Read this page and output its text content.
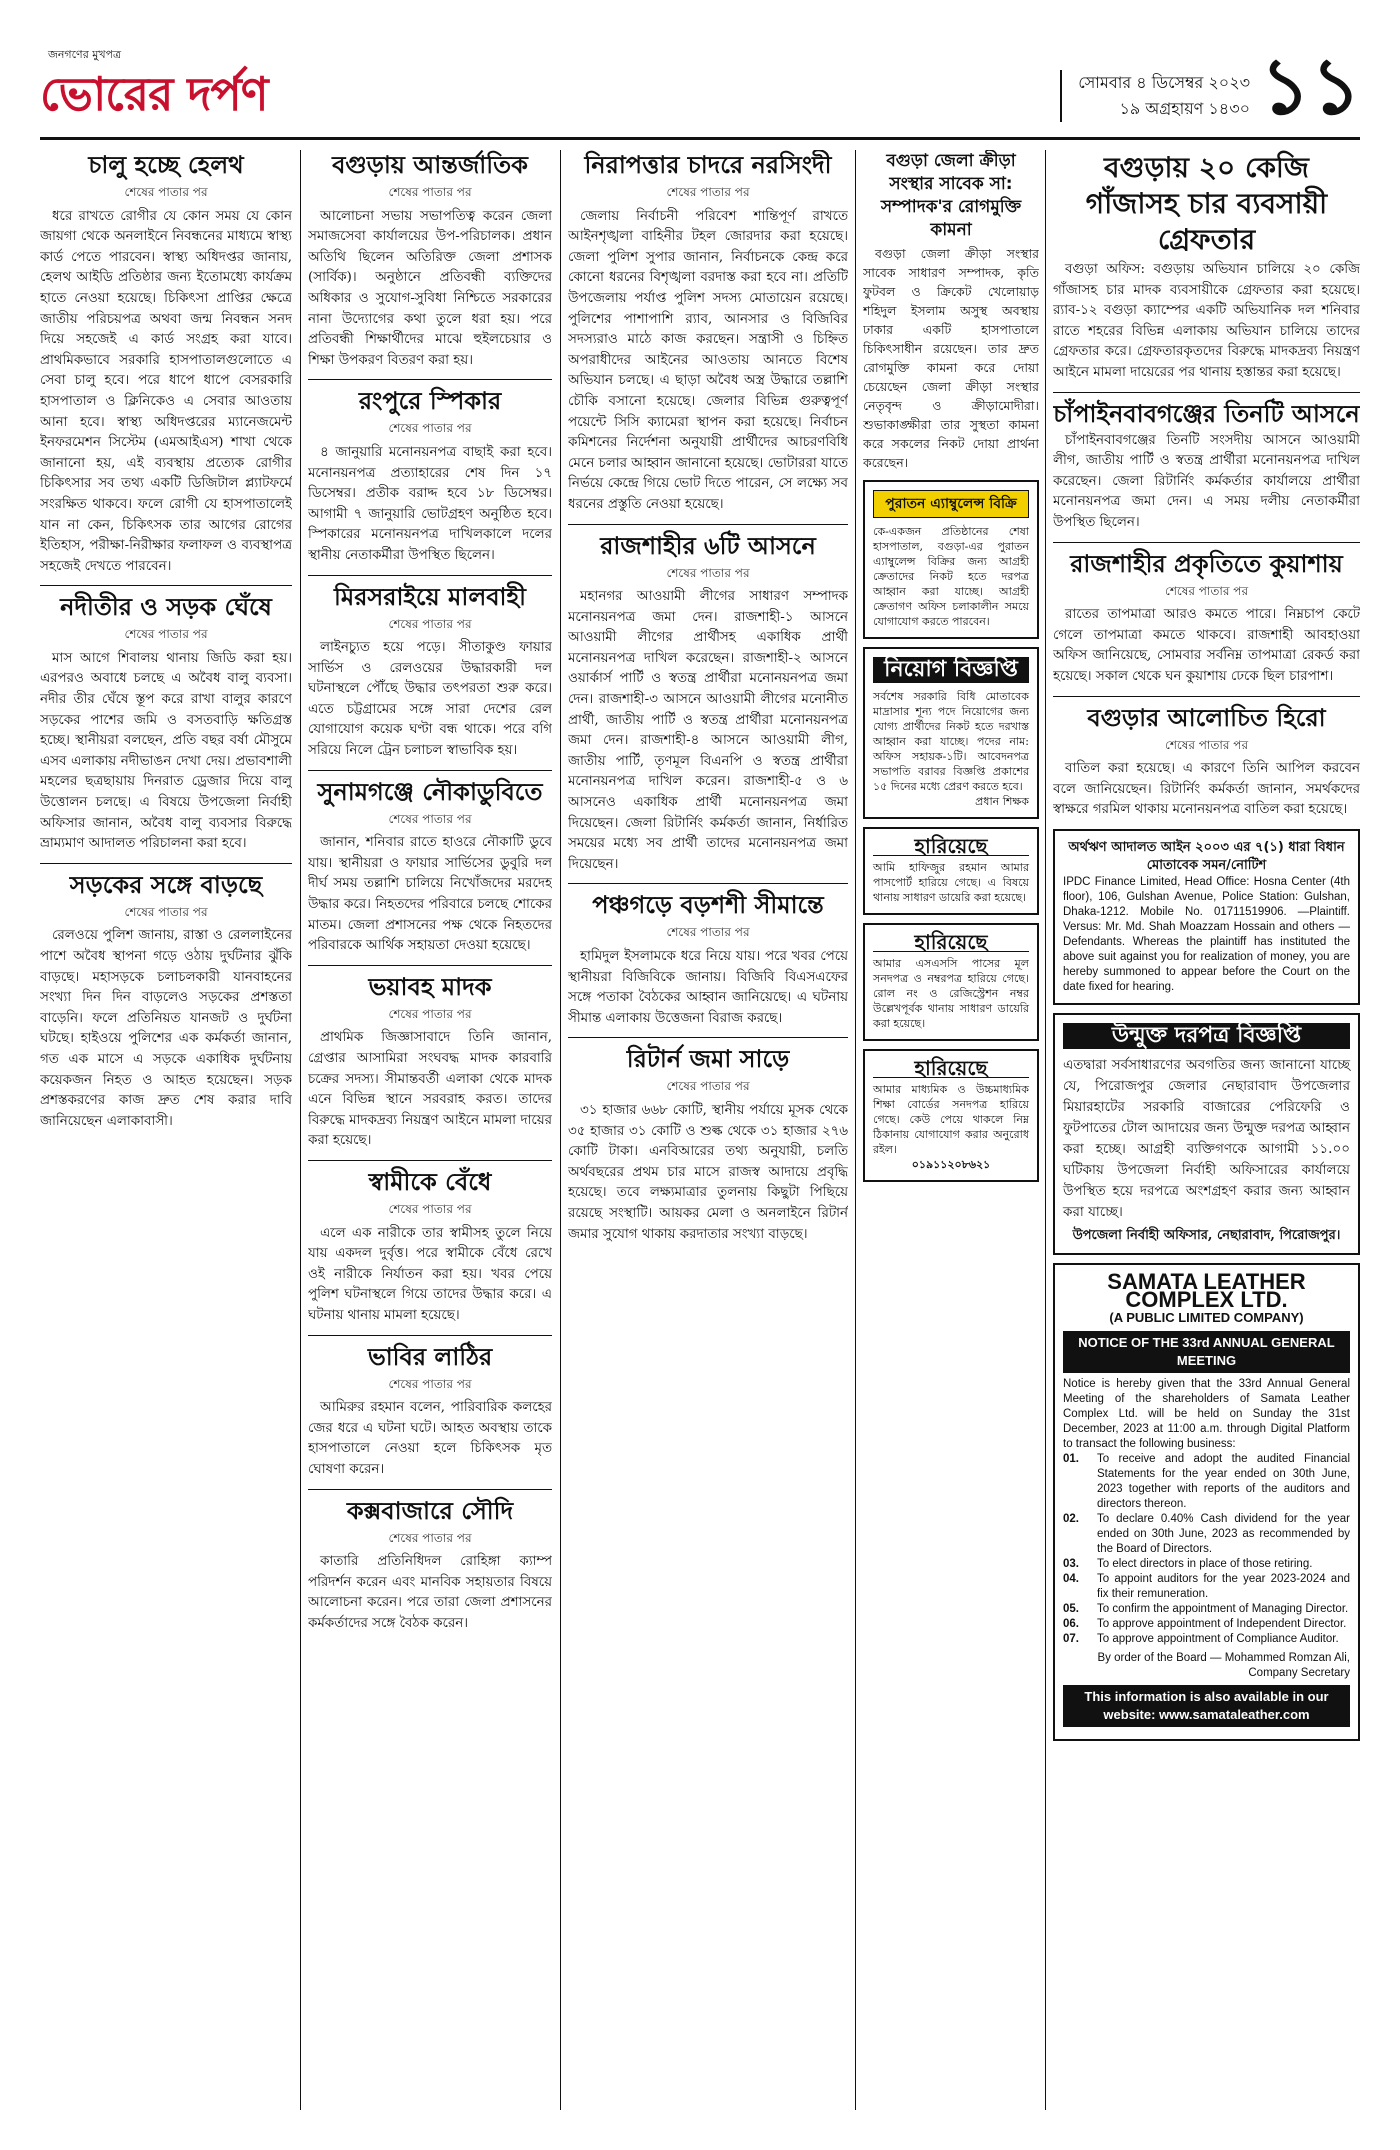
জনগণের মুখপত্র
ভোরের দর্পণ	সোমবার ৪ ডিসেম্বর ২০২৩
১৯ অগ্রহায়ণ ১৪৩০ ১১
চালু হচ্ছে হেলথ
শেষের পাতার পর

ধরে রাখতে রোগীর যে কোন সময় যে কোন জায়গা থেকে অনলাইনে নিবন্ধনের মাধ্যমে স্বাস্থ্য কার্ড পেতে পারবেন। স্বাস্থ্য অধিদপ্তর জানায়, হেলথ আইডি প্রতিষ্ঠার জন্য ইতোমধ্যে কার্যক্রম হাতে নেওয়া হয়েছে। চিকিৎসা প্রাপ্তির ক্ষেত্রে জাতীয় পরিচয়পত্র অথবা জন্ম নিবন্ধন সনদ দিয়ে সহজেই এ কার্ড সংগ্রহ করা যাবে। প্রাথমিকভাবে সরকারি হাসপাতালগুলোতে এ সেবা চালু হবে। পরে ধাপে ধাপে বেসরকারি হাসপাতাল ও ক্লিনিকেও এ সেবার আওতায় আনা হবে। স্বাস্থ্য অধিদপ্তরের ম্যানেজমেন্ট ইনফরমেশন সিস্টেম (এমআইএস) শাখা থেকে জানানো হয়, এই ব্যবস্থায় প্রত্যেক রোগীর চিকিৎসার সব তথ্য একটি ডিজিটাল প্ল্যাটফর্মে সংরক্ষিত থাকবে। ফলে রোগী যে হাসপাতালেই যান না কেন, চিকিৎসক তার আগের রোগের ইতিহাস, পরীক্ষা-নিরীক্ষার ফলাফল ও ব্যবস্থাপত্র সহজেই দেখতে পারবেন।

নদীতীর ও সড়ক ঘেঁষে
শেষের পাতার পর

মাস আগে শিবালয় থানায় জিডি করা হয়। এরপরও অবাধে চলছে এ অবৈধ বালু ব্যবসা। নদীর তীর ঘেঁষে স্তূপ করে রাখা বালুর কারণে সড়কের পাশের জমি ও বসতবাড়ি ক্ষতিগ্রস্ত হচ্ছে। স্থানীয়রা বলছেন, প্রতি বছর বর্ষা মৌসুমে এসব এলাকায় নদীভাঙন দেখা দেয়। প্রভাবশালী মহলের ছত্রছায়ায় দিনরাত ড্রেজার দিয়ে বালু উত্তোলন চলছে। এ বিষয়ে উপজেলা নির্বাহী অফিসার জানান, অবৈধ বালু ব্যবসার বিরুদ্ধে ভ্রাম্যমাণ আদালত পরিচালনা করা হবে।

সড়কের সঙ্গে বাড়ছে
শেষের পাতার পর

রেলওয়ে পুলিশ জানায়, রাস্তা ও রেললাইনের পাশে অবৈধ স্থাপনা গড়ে ওঠায় দুর্ঘটনার ঝুঁকি বাড়ছে। মহাসড়কে চলাচলকারী যানবাহনের সংখ্যা দিন দিন বাড়লেও সড়কের প্রশস্ততা বাড়েনি। ফলে প্রতিনিয়ত যানজট ও দুর্ঘটনা ঘটছে। হাইওয়ে পুলিশের এক কর্মকর্তা জানান, গত এক মাসে এ সড়কে একাধিক দুর্ঘটনায় কয়েকজন নিহত ও আহত হয়েছেন। সড়ক প্রশস্তকরণের কাজ দ্রুত শেষ করার দাবি জানিয়েছেন এলাকাবাসী।

বগুড়ায় আন্তর্জাতিক
শেষের পাতার পর

আলোচনা সভায় সভাপতিত্ব করেন জেলা সমাজসেবা কার্যালয়ের উপ-পরিচালক। প্রধান অতিথি ছিলেন অতিরিক্ত জেলা প্রশাসক (সার্বিক)। অনুষ্ঠানে প্রতিবন্ধী ব্যক্তিদের অধিকার ও সুযোগ-সুবিধা নিশ্চিতে সরকারের নানা উদ্যোগের কথা তুলে ধরা হয়। পরে প্রতিবন্ধী শিক্ষার্থীদের মাঝে হুইলচেয়ার ও শিক্ষা উপকরণ বিতরণ করা হয়।

রংপুরে স্পিকার
শেষের পাতার পর

৪ জানুয়ারি মনোনয়নপত্র বাছাই করা হবে। মনোনয়নপত্র প্রত্যাহারের শেষ দিন ১৭ ডিসেম্বর। প্রতীক বরাদ্দ হবে ১৮ ডিসেম্বর। আগামী ৭ জানুয়ারি ভোটগ্রহণ অনুষ্ঠিত হবে। স্পিকারের মনোনয়নপত্র দাখিলকালে দলের স্থানীয় নেতাকর্মীরা উপস্থিত ছিলেন।

মিরসরাইয়ে মালবাহী
শেষের পাতার পর

লাইনচ্যুত হয়ে পড়ে। সীতাকুণ্ড ফায়ার সার্ভিস ও রেলওয়ের উদ্ধারকারী দল ঘটনাস্থলে পৌঁছে উদ্ধার তৎপরতা শুরু করে। এতে চট্টগ্রামের সঙ্গে সারা দেশের রেল যোগাযোগ কয়েক ঘণ্টা বন্ধ থাকে। পরে বগি সরিয়ে নিলে ট্রেন চলাচল স্বাভাবিক হয়।

সুনামগঞ্জে নৌকাডুবিতে
শেষের পাতার পর

জানান, শনিবার রাতে হাওরে নৌকাটি ডুবে যায়। স্থানীয়রা ও ফায়ার সার্ভিসের ডুবুরি দল দীর্ঘ সময় তল্লাশি চালিয়ে নিখোঁজদের মরদেহ উদ্ধার করে। নিহতদের পরিবারে চলছে শোকের মাতম। জেলা প্রশাসনের পক্ষ থেকে নিহতদের পরিবারকে আর্থিক সহায়তা দেওয়া হয়েছে।

ভয়াবহ মাদক
শেষের পাতার পর

প্রাথমিক জিজ্ঞাসাবাদে তিনি জানান, গ্রেপ্তার আসামিরা সংঘবদ্ধ মাদক কারবারি চক্রের সদস্য। সীমান্তবর্তী এলাকা থেকে মাদক এনে বিভিন্ন স্থানে সরবরাহ করত। তাদের বিরুদ্ধে মাদকদ্রব্য নিয়ন্ত্রণ আইনে মামলা দায়ের করা হয়েছে।

স্বামীকে বেঁধে
শেষের পাতার পর

এলে এক নারীকে তার স্বামীসহ তুলে নিয়ে যায় একদল দুর্বৃত্ত। পরে স্বামীকে বেঁধে রেখে ওই নারীকে নির্যাতন করা হয়। খবর পেয়ে পুলিশ ঘটনাস্থলে গিয়ে তাদের উদ্ধার করে। এ ঘটনায় থানায় মামলা হয়েছে।

ভাবির লাঠির
শেষের পাতার পর

আমিরুর রহমান বলেন, পারিবারিক কলহের জের ধরে এ ঘটনা ঘটে। আহত অবস্থায় তাকে হাসপাতালে নেওয়া হলে চিকিৎসক মৃত ঘোষণা করেন।

কক্সবাজারে সৌদি
শেষের পাতার পর

কাতারি প্রতিনিধিদল রোহিঙ্গা ক্যাম্প পরিদর্শন করেন এবং মানবিক সহায়তার বিষয়ে আলোচনা করেন। পরে তারা জেলা প্রশাসনের কর্মকর্তাদের সঙ্গে বৈঠক করেন।

নিরাপত্তার চাদরে নরসিংদী
শেষের পাতার পর

জেলায় নির্বাচনী পরিবেশ শান্তিপূর্ণ রাখতে আইনশৃঙ্খলা বাহিনীর টহল জোরদার করা হয়েছে। জেলা পুলিশ সুপার জানান, নির্বাচনকে কেন্দ্র করে কোনো ধরনের বিশৃঙ্খলা বরদাস্ত করা হবে না। প্রতিটি উপজেলায় পর্যাপ্ত পুলিশ সদস্য মোতায়েন রয়েছে। পুলিশের পাশাপাশি র‍্যাব, আনসার ও বিজিবির সদস্যরাও মাঠে কাজ করছেন। সন্ত্রাসী ও চিহ্নিত অপরাধীদের আইনের আওতায় আনতে বিশেষ অভিযান চলছে। এ ছাড়া অবৈধ অস্ত্র উদ্ধারে তল্লাশি চৌকি বসানো হয়েছে। জেলার বিভিন্ন গুরুত্বপূর্ণ পয়েন্টে সিসি ক্যামেরা স্থাপন করা হয়েছে। নির্বাচন কমিশনের নির্দেশনা অনুযায়ী প্রার্থীদের আচরণবিধি মেনে চলার আহ্বান জানানো হয়েছে। ভোটাররা যাতে নির্ভয়ে কেন্দ্রে গিয়ে ভোট দিতে পারেন, সে লক্ষ্যে সব ধরনের প্রস্তুতি নেওয়া হয়েছে।

রাজশাহীর ৬টি আসনে
শেষের পাতার পর

মহানগর আওয়ামী লীগের সাধারণ সম্পাদক মনোনয়নপত্র জমা দেন। রাজশাহী-১ আসনে আওয়ামী লীগের প্রার্থীসহ একাধিক প্রার্থী মনোনয়নপত্র দাখিল করেছেন। রাজশাহী-২ আসনে ওয়ার্কার্স পার্টি ও স্বতন্ত্র প্রার্থীরা মনোনয়নপত্র জমা দেন। রাজশাহী-৩ আসনে আওয়ামী লীগের মনোনীত প্রার্থী, জাতীয় পার্টি ও স্বতন্ত্র প্রার্থীরা মনোনয়নপত্র জমা দেন। রাজশাহী-৪ আসনে আওয়ামী লীগ, জাতীয় পার্টি, তৃণমূল বিএনপি ও স্বতন্ত্র প্রার্থীরা মনোনয়নপত্র দাখিল করেন। রাজশাহী-৫ ও ৬ আসনেও একাধিক প্রার্থী মনোনয়নপত্র জমা দিয়েছেন। জেলা রিটার্নিং কর্মকর্তা জানান, নির্ধারিত সময়ের মধ্যে সব প্রার্থী তাদের মনোনয়নপত্র জমা দিয়েছেন।

পঞ্চগড়ে বড়শশী সীমান্তে
শেষের পাতার পর

হামিদুল ইসলামকে ধরে নিয়ে যায়। পরে খবর পেয়ে স্থানীয়রা বিজিবিকে জানায়। বিজিবি বিএসএফের সঙ্গে পতাকা বৈঠকের আহ্বান জানিয়েছে। এ ঘটনায় সীমান্ত এলাকায় উত্তেজনা বিরাজ করছে।

রিটার্ন জমা সাড়ে
শেষের পাতার পর

৩১ হাজার ৬৬৮ কোটি, স্থানীয় পর্যায়ে মূসক থেকে ৩৫ হাজার ৩১ কোটি ও শুল্ক থেকে ৩১ হাজার ২৭৬ কোটি টাকা। এনবিআরের তথ্য অনুযায়ী, চলতি অর্থবছরের প্রথম চার মাসে রাজস্ব আদায়ে প্রবৃদ্ধি হয়েছে। তবে লক্ষ্যমাত্রার তুলনায় কিছুটা পিছিয়ে রয়েছে সংস্থাটি। আয়কর মেলা ও অনলাইনে রিটার্ন জমার সুযোগ থাকায় করদাতার সংখ্যা বাড়ছে।

বগুড়া জেলা ক্রীড়া সংস্থার সাবেক সা: সম্পাদক'র রোগমুক্তি কামনা

বগুড়া জেলা ক্রীড়া সংস্থার সাবেক সাধারণ সম্পাদক, কৃতি ফুটবল ও ক্রিকেট খেলোয়াড় শহিদুল ইসলাম অসুস্থ অবস্থায় ঢাকার একটি হাসপাতালে চিকিৎসাধীন রয়েছেন। তার দ্রুত রোগমুক্তি কামনা করে দোয়া চেয়েছেন জেলা ক্রীড়া সংস্থার নেতৃবৃন্দ ও ক্রীড়ামোদীরা। শুভাকাঙ্ক্ষীরা তার সুস্থতা কামনা করে সকলের নিকট দোয়া প্রার্থনা করেছেন।

পুরাতন এ্যাম্বুলেন্স বিক্রি

কে-একজন প্রতিষ্ঠানের শেষা হাসপাতাল, বগুড়া-এর পুরাতন এ্যাম্বুলেন্স বিক্রির জন্য আগ্রহী ক্রেতাদের নিকট হতে দরপত্র আহ্বান করা যাচ্ছে। আগ্রহী ক্রেতাগণ অফিস চলাকালীন সময়ে যোগাযোগ করতে পারবেন।

নিয়োগ বিজ্ঞপ্তি

সর্বশেষ সরকারি বিধি মোতাবেক মাদ্রাসার শূন্য পদে নিয়োগের জন্য যোগ্য প্রার্থীদের নিকট হতে দরখাস্ত আহ্বান করা যাচ্ছে। পদের নাম: অফিস সহায়ক-১টি। আবেদনপত্র সভাপতি বরাবর বিজ্ঞপ্তি প্রকাশের ১৫ দিনের মধ্যে প্রেরণ করতে হবে।

প্রধান শিক্ষক

হারিয়েছে

আমি হাফিজুর রহমান আমার পাসপোর্ট হারিয়ে গেছে। এ বিষয়ে থানায় সাধারণ ডায়েরি করা হয়েছে।

হারিয়েছে

আমার এসএসসি পাসের মূল সনদপত্র ও নম্বরপত্র হারিয়ে গেছে। রোল নং ও রেজিস্ট্রেশন নম্বর উল্লেখপূর্বক থানায় সাধারণ ডায়েরি করা হয়েছে।

হারিয়েছে

আমার মাধ্যমিক ও উচ্চমাধ্যমিক শিক্ষা বোর্ডের সনদপত্র হারিয়ে গেছে। কেউ পেয়ে থাকলে নিম্ন ঠিকানায় যোগাযোগ করার অনুরোধ রইল।

০১৯১১২০৮৬২১

বগুড়ায় ২০ কেজি গাঁজাসহ চার ব্যবসায়ী গ্রেফতার

বগুড়া অফিস: বগুড়ায় অভিযান চালিয়ে ২০ কেজি গাঁজাসহ চার মাদক ব্যবসায়ীকে গ্রেফতার করা হয়েছে। র‍্যাব-১২ বগুড়া ক্যাম্পের একটি অভিযানিক দল শনিবার রাতে শহরের বিভিন্ন এলাকায় অভিযান চালিয়ে তাদের গ্রেফতার করে। গ্রেফতারকৃতদের বিরুদ্ধে মাদকদ্রব্য নিয়ন্ত্রণ আইনে মামলা দায়েরের পর থানায় হস্তান্তর করা হয়েছে।

চাঁপাইনবাবগঞ্জের তিনটি আসনে

চাঁপাইনবাবগঞ্জের তিনটি সংসদীয় আসনে আওয়ামী লীগ, জাতীয় পার্টি ও স্বতন্ত্র প্রার্থীরা মনোনয়নপত্র দাখিল করেছেন। জেলা রিটার্নিং কর্মকর্তার কার্যালয়ে প্রার্থীরা মনোনয়নপত্র জমা দেন। এ সময় দলীয় নেতাকর্মীরা উপস্থিত ছিলেন।

রাজশাহীর প্রকৃতিতে কুয়াশায়
শেষের পাতার পর

রাতের তাপমাত্রা আরও কমতে পারে। নিম্নচাপ কেটে গেলে তাপমাত্রা কমতে থাকবে। রাজশাহী আবহাওয়া অফিস জানিয়েছে, সোমবার সর্বনিম্ন তাপমাত্রা রেকর্ড করা হয়েছে। সকাল থেকে ঘন কুয়াশায় ঢেকে ছিল চারপাশ।

বগুড়ার আলোচিত হিরো
শেষের পাতার পর

বাতিল করা হয়েছে। এ কারণে তিনি আপিল করবেন বলে জানিয়েছেন। রিটার্নিং কর্মকর্তা জানান, সমর্থকদের স্বাক্ষরে গরমিল থাকায় মনোনয়নপত্র বাতিল করা হয়েছে।

অর্থঋণ আদালত আইন ২০০৩ এর ৭(১) ধারা বিধান মোতাবেক সমন/নোটিশ

IPDC Finance Limited, Head Office: Hosna Center (4th floor), 106, Gulshan Avenue, Police Station: Gulshan, Dhaka-1212. Mobile No. 01711519906. —Plaintiff. Versus: Mr. Md. Shah Moazzam Hossain and others —Defendants. Whereas the plaintiff has instituted the above suit against you for realization of money, you are hereby summoned to appear before the Court on the date fixed for hearing.

উন্মুক্ত দরপত্র বিজ্ঞপ্তি

এতদ্বারা সর্বসাধারণের অবগতির জন্য জানানো যাচ্ছে যে, পিরোজপুর জেলার নেছারাবাদ উপজেলার মিয়ারহাটের সরকারি বাজারের পেরিফেরি ও ফুটপাতের টোল আদায়ের জন্য উন্মুক্ত দরপত্র আহ্বান করা হচ্ছে। আগ্রহী ব্যক্তিগণকে আগামী ১১.০০ ঘটিকায় উপজেলা নির্বাহী অফিসারের কার্যালয়ে উপস্থিত হয়ে দরপত্রে অংশগ্রহণ করার জন্য আহ্বান করা যাচ্ছে।

উপজেলা নির্বাহী অফিসার, নেছারাবাদ, পিরোজপুর।

SAMATA LEATHER COMPLEX LTD.
(A PUBLIC LIMITED COMPANY)
NOTICE OF THE 33rd ANNUAL GENERAL MEETING

Notice is hereby given that the 33rd Annual General Meeting of the shareholders of Samata Leather Complex Ltd. will be held on Sunday the 31st December, 2023 at 11:00 a.m. through Digital Platform to transact the following business:

01.	To receive and adopt the audited Financial Statements for the year ended on 30th June, 2023 together with reports of the auditors and directors thereon.
02.	To declare 0.40% Cash dividend for the year ended on 30th June, 2023 as recommended by the Board of Directors.
03.	To elect directors in place of those retiring.
04.	To appoint auditors for the year 2023-2024 and fix their remuneration.
05.	To confirm the appointment of Managing Director.
06.	To approve appointment of Independent Director.
07.	To approve appointment of Compliance Auditor.

By order of the Board — Mohammed Romzan Ali, Company Secretary

This information is also available in our website: www.samataleather.com
